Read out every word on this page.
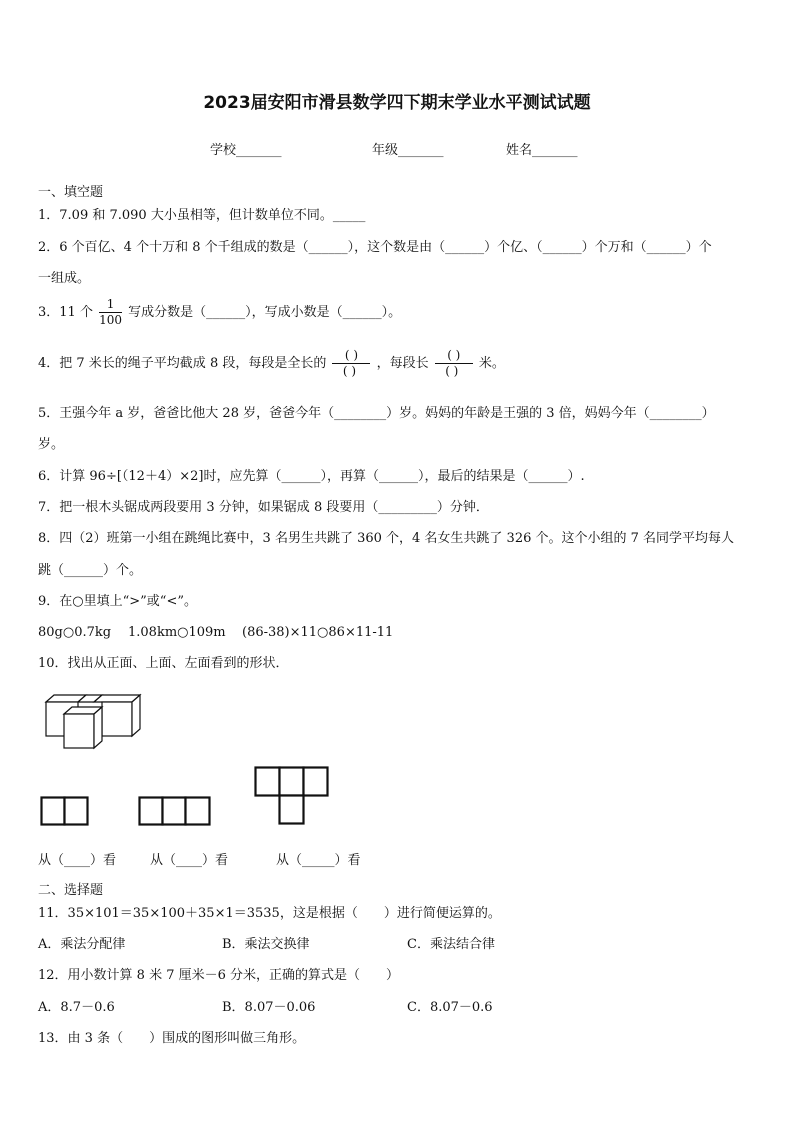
2023届安阳市滑县数学四下期末学业水平测试试题
学校_______	年级_______	姓名_______
一、填空题
1．7.09 和 7.090 大小虽相等，但计数单位不同。_____
2．6 个百亿、4 个十万和 8 个千组成的数是（______），这个数是由（______）个亿、（______）个万和（______）个
一组成。
3．11 个 $\frac{1}{100}$ 写成分数是（______），写成小数是（______）。
4．把 7 米长的绳子平均截成 8 段，每段是全长的 $\frac{( )}{( )}$ ，每段长 $\frac{( )}{( )}$ 米。
5．王强今年 a 岁，爸爸比他大 28 岁，爸爸今年（________）岁。妈妈的年龄是王强的 3 倍，妈妈今年（________）
岁。
6．计算 96÷[（12＋4）×2]时，应先算（______），再算（______），最后的结果是（______）.
7．把一根木头锯成两段要用 3 分钟，如果锯成 8 段要用（_________）分钟．
8．四（2）班第一小组在跳绳比赛中，3 名男生共跳了 360 个，4 名女生共跳了 326 个。这个小组的 7 名同学平均每人
跳（______）个。
9．在○里填上“>”或“<”。
80g○0.7kg 1.08km○109m (86-38)×11○86×11-11
10．找出从正面、上面、左面看到的形状．
从（____）看	从（____）看	从（_____）看
二、选择题
11．35×101＝35×100＋35×1＝3535，这是根据（　　）进行简便运算的。
A．乘法分配律	B．乘法交换律	C．乘法结合律
12．用小数计算 8 米 7 厘米－6 分米，正确的算式是（　　）
A．8.7－0.6	B．8.07－0.06	C．8.07－0.6
13．由 3 条（　　）围成的图形叫做三角形。
